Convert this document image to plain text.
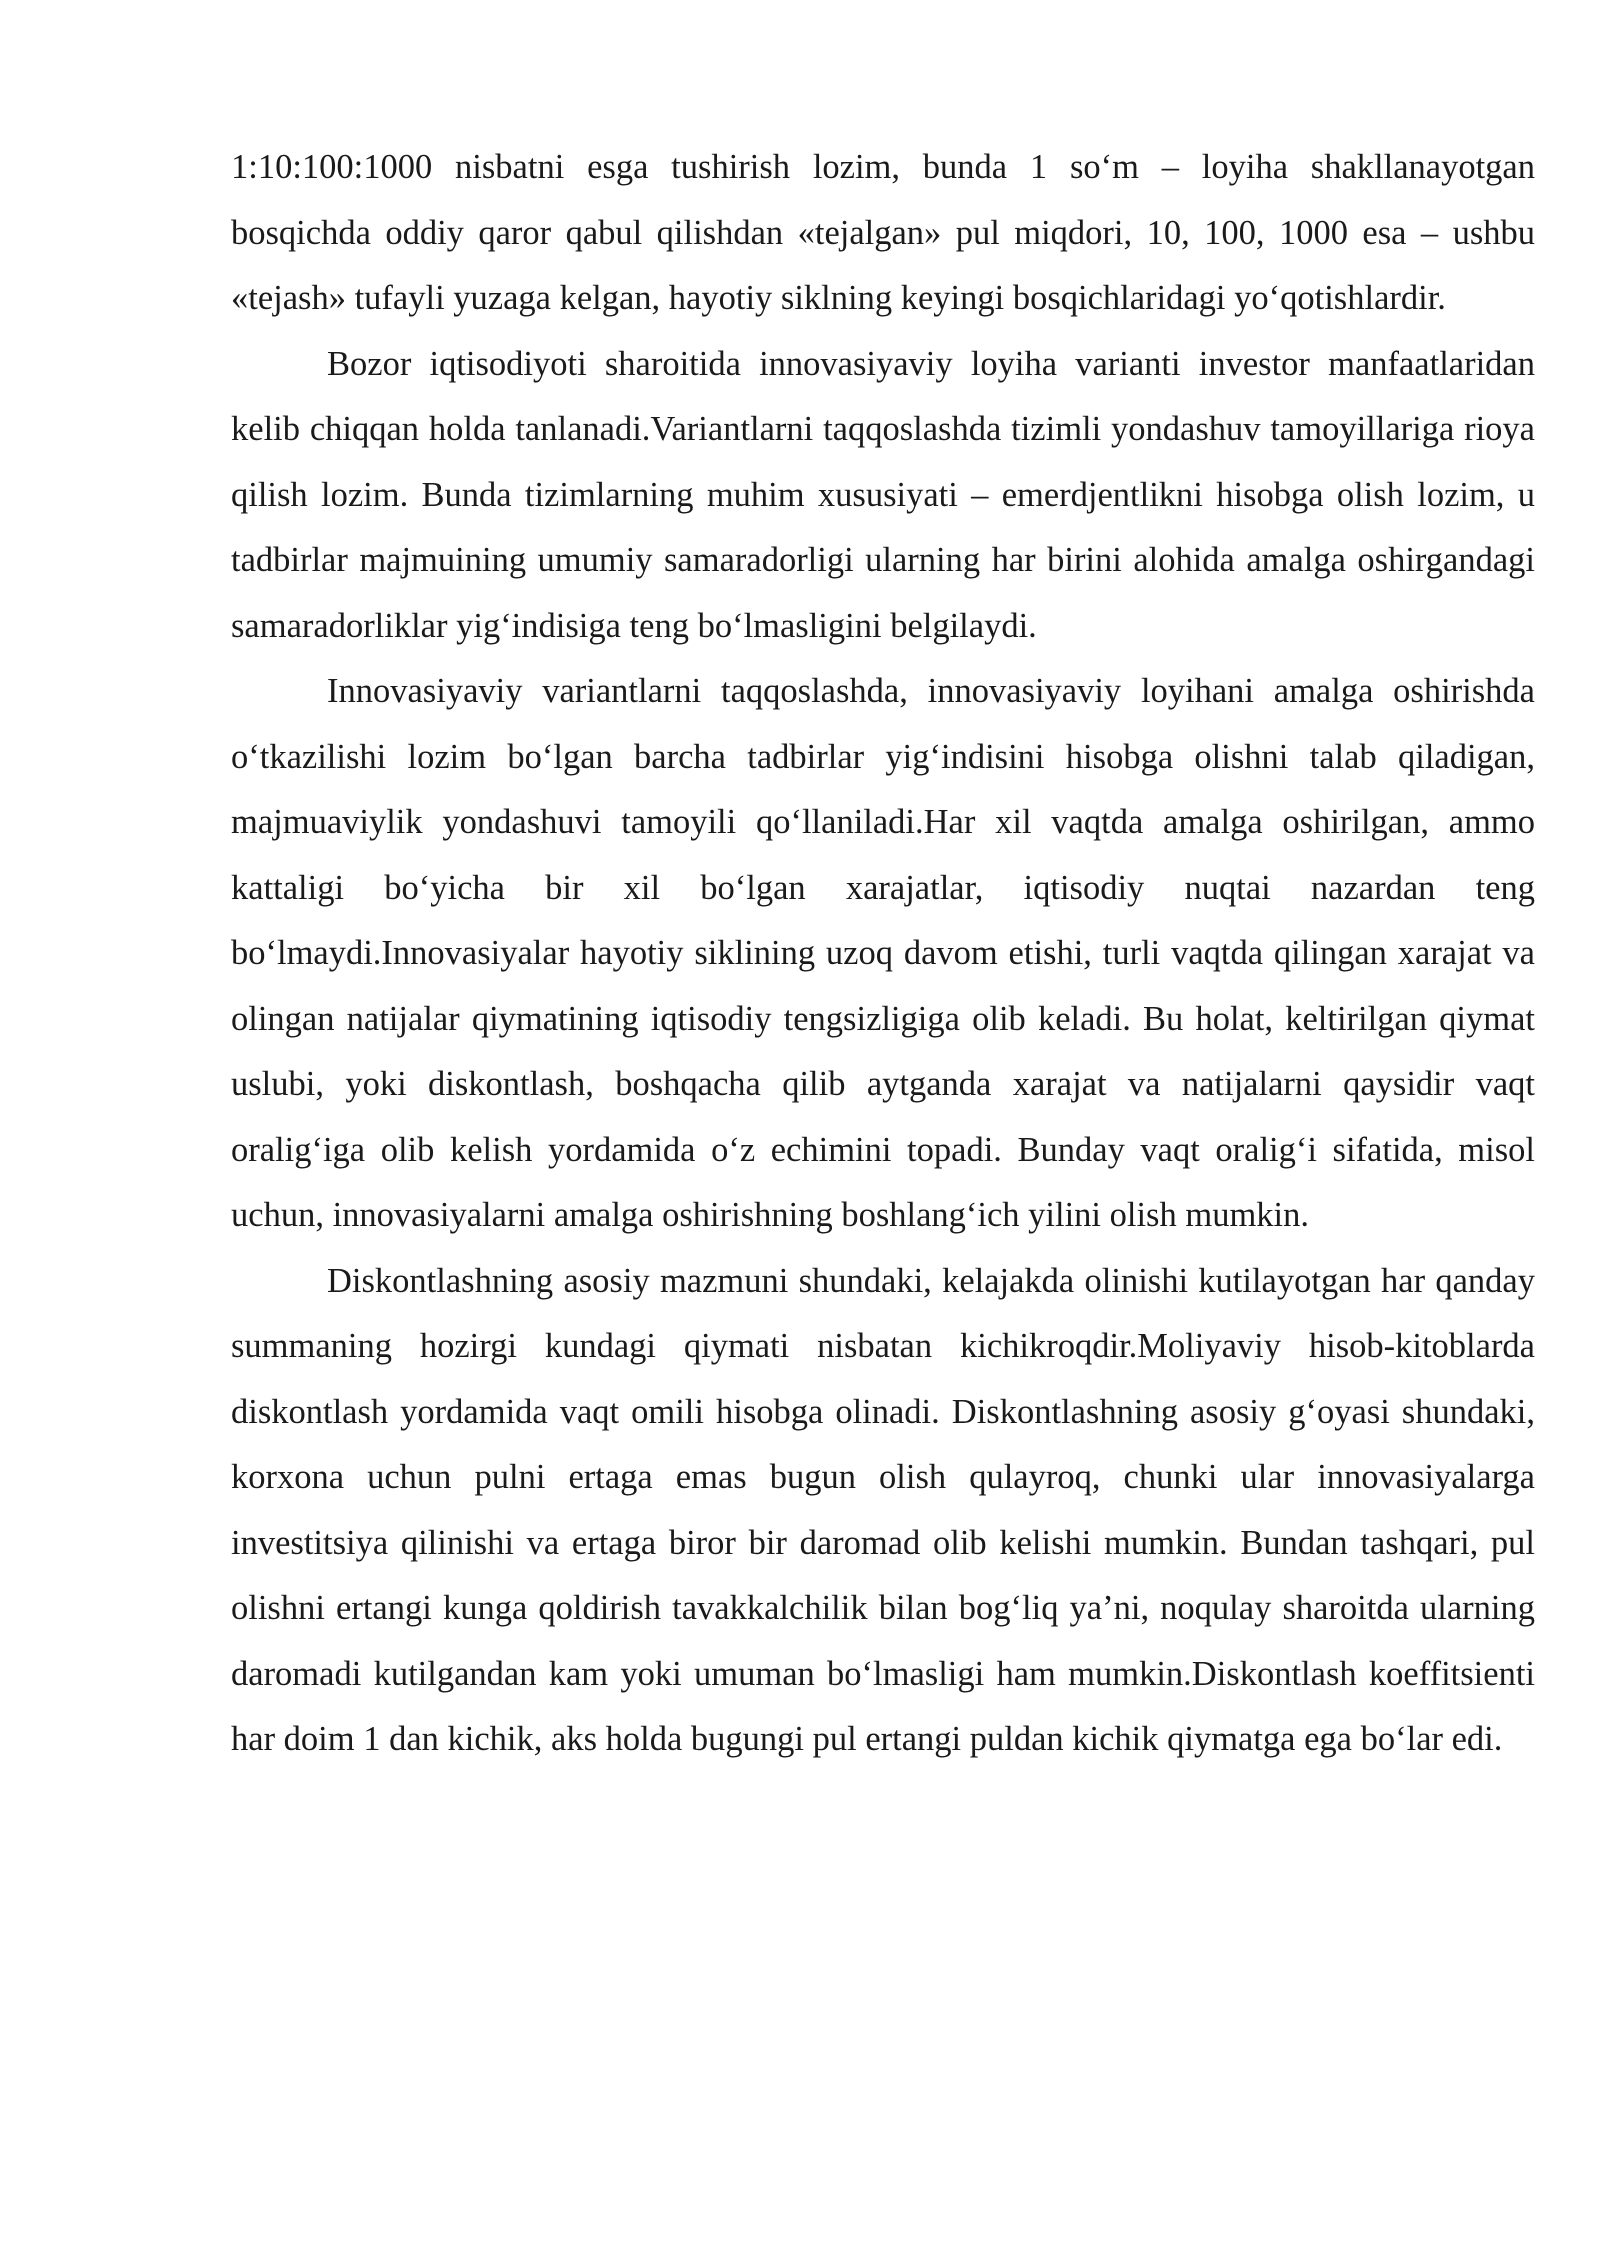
1:10:100:1000 nisbatni esga tushirish lozim, bunda 1 so‘m – loyiha shakllanayotgan bosqichda oddiy qaror qabul qilishdan «tejalgan» pul miqdori, 10, 100, 1000 esa – ushbu «tejash» tufayli yuzaga kelgan, hayotiy siklning keyingi bosqichlaridagi yo‘qotishlardir.

Bozor iqtisodiyoti sharoitida innovasiyaviy loyiha varianti investor manfaatlaridan kelib chiqqan holda tanlanadi.Variantlarni taqqoslashda tizimli yondashuv tamoyillariga rioya qilish lozim. Bunda tizimlarning muhim xususiyati – emerdjentlikni hisobga olish lozim, u tadbirlar majmuining umumiy samaradorligi ularning har birini alohida amalga oshirgandagi samaradorliklar yig‘indisiga teng bo‘lmasligini belgilaydi.

Innovasiyaviy variantlarni taqqoslashda, innovasiyaviy loyihani amalga oshirishda o‘tkazilishi lozim bo‘lgan barcha tadbirlar yig‘indisini hisobga olishni talab qiladigan, majmuaviylik yondashuvi tamoyili qo‘llaniladi.Har xil vaqtda amalga oshirilgan, ammo kattaligi bo‘yicha bir xil bo‘lgan xarajatlar, iqtisodiy nuqtai nazardan teng bo‘lmaydi.Innovasiyalar hayotiy siklining uzoq davom etishi, turli vaqtda qilingan xarajat va olingan natijalar qiymatining iqtisodiy tengsizligiga olib keladi. Bu holat, keltirilgan qiymat uslubi, yoki diskontlash, boshqacha qilib aytganda xarajat va natijalarni qaysidir vaqt oralig‘iga olib kelish yordamida o‘z echimini topadi. Bunday vaqt oralig‘i sifatida, misol uchun, innovasiyalarni amalga oshirishning boshlang‘ich yilini olish mumkin.

Diskontlashning asosiy mazmuni shundaki, kelajakda olinishi kutilayotgan har qanday summaning hozirgi kundagi qiymati nisbatan kichikroqdir.Moliyaviy hisob-kitoblarda diskontlash yordamida vaqt omili hisobga olinadi. Diskontlashning asosiy g‘oyasi shundaki, korxona uchun pulni ertaga emas bugun olish qulayroq, chunki ular innovasiyalarga investitsiya qilinishi va ertaga biror bir daromad olib kelishi mumkin. Bundan tashqari, pul olishni ertangi kunga qoldirish tavakkalchilik bilan bog‘liq ya’ni, noqulay sharoitda ularning daromadi kutilgandan kam yoki umuman bo‘lmasligi ham mumkin.Diskontlash koeffitsienti har doim 1 dan kichik, aks holda bugungi pul ertangi puldan kichik qiymatga ega bo‘lar edi.
